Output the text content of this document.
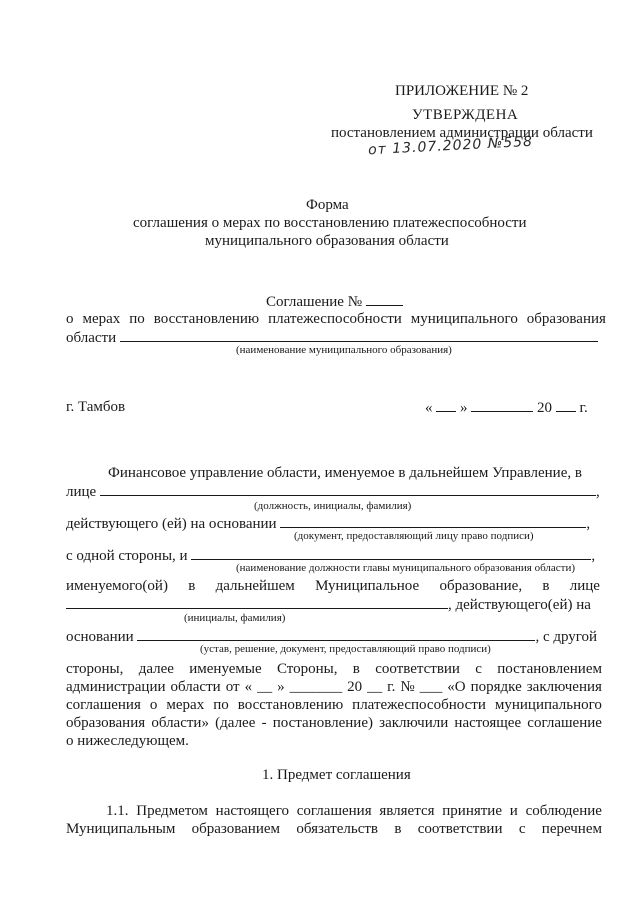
ПРИЛОЖЕНИЕ № 2
УТВЕРЖДЕНА
постановлением администрации области
от 13.07.2020 №558
Форма
соглашения о мерах по восстановлению платежеспособности
муниципального образования области
Соглашение №
о мерах по восстановлению платежеспособности муниципального образования
области
(наименование муниципального образования)
г. Тамбов	« »	20 г.
Финансовое управление области, именуемое в дальнейшем Управление, в
лице	,
(должность, инициалы, фамилия)
действующего (ей) на основании	,
(документ, предоставляющий лицу право подписи)
с одной стороны, и	,
(наименование должности главы муниципального образования области)
именуемого(ой) в дальнейшем Муниципальное образование, в лице
, действующего(ей) на
(инициалы, фамилия)
основании	, с другой
(устав, решение, документ, предоставляющий право подписи)
стороны, далее именуемые Стороны, в соответствии с постановлением
администрации области от « __ » _______ 20 __ г. № ___ «О порядке заключения
соглашения о мерах по восстановлению платежеспособности муниципального
образования области» (далее - постановление) заключили настоящее соглашение
о нижеследующем.
1. Предмет соглашения
1.1. Предметом настоящего соглашения является принятие и соблюдение
Муниципальным образованием обязательств в соответствии с перечнем
